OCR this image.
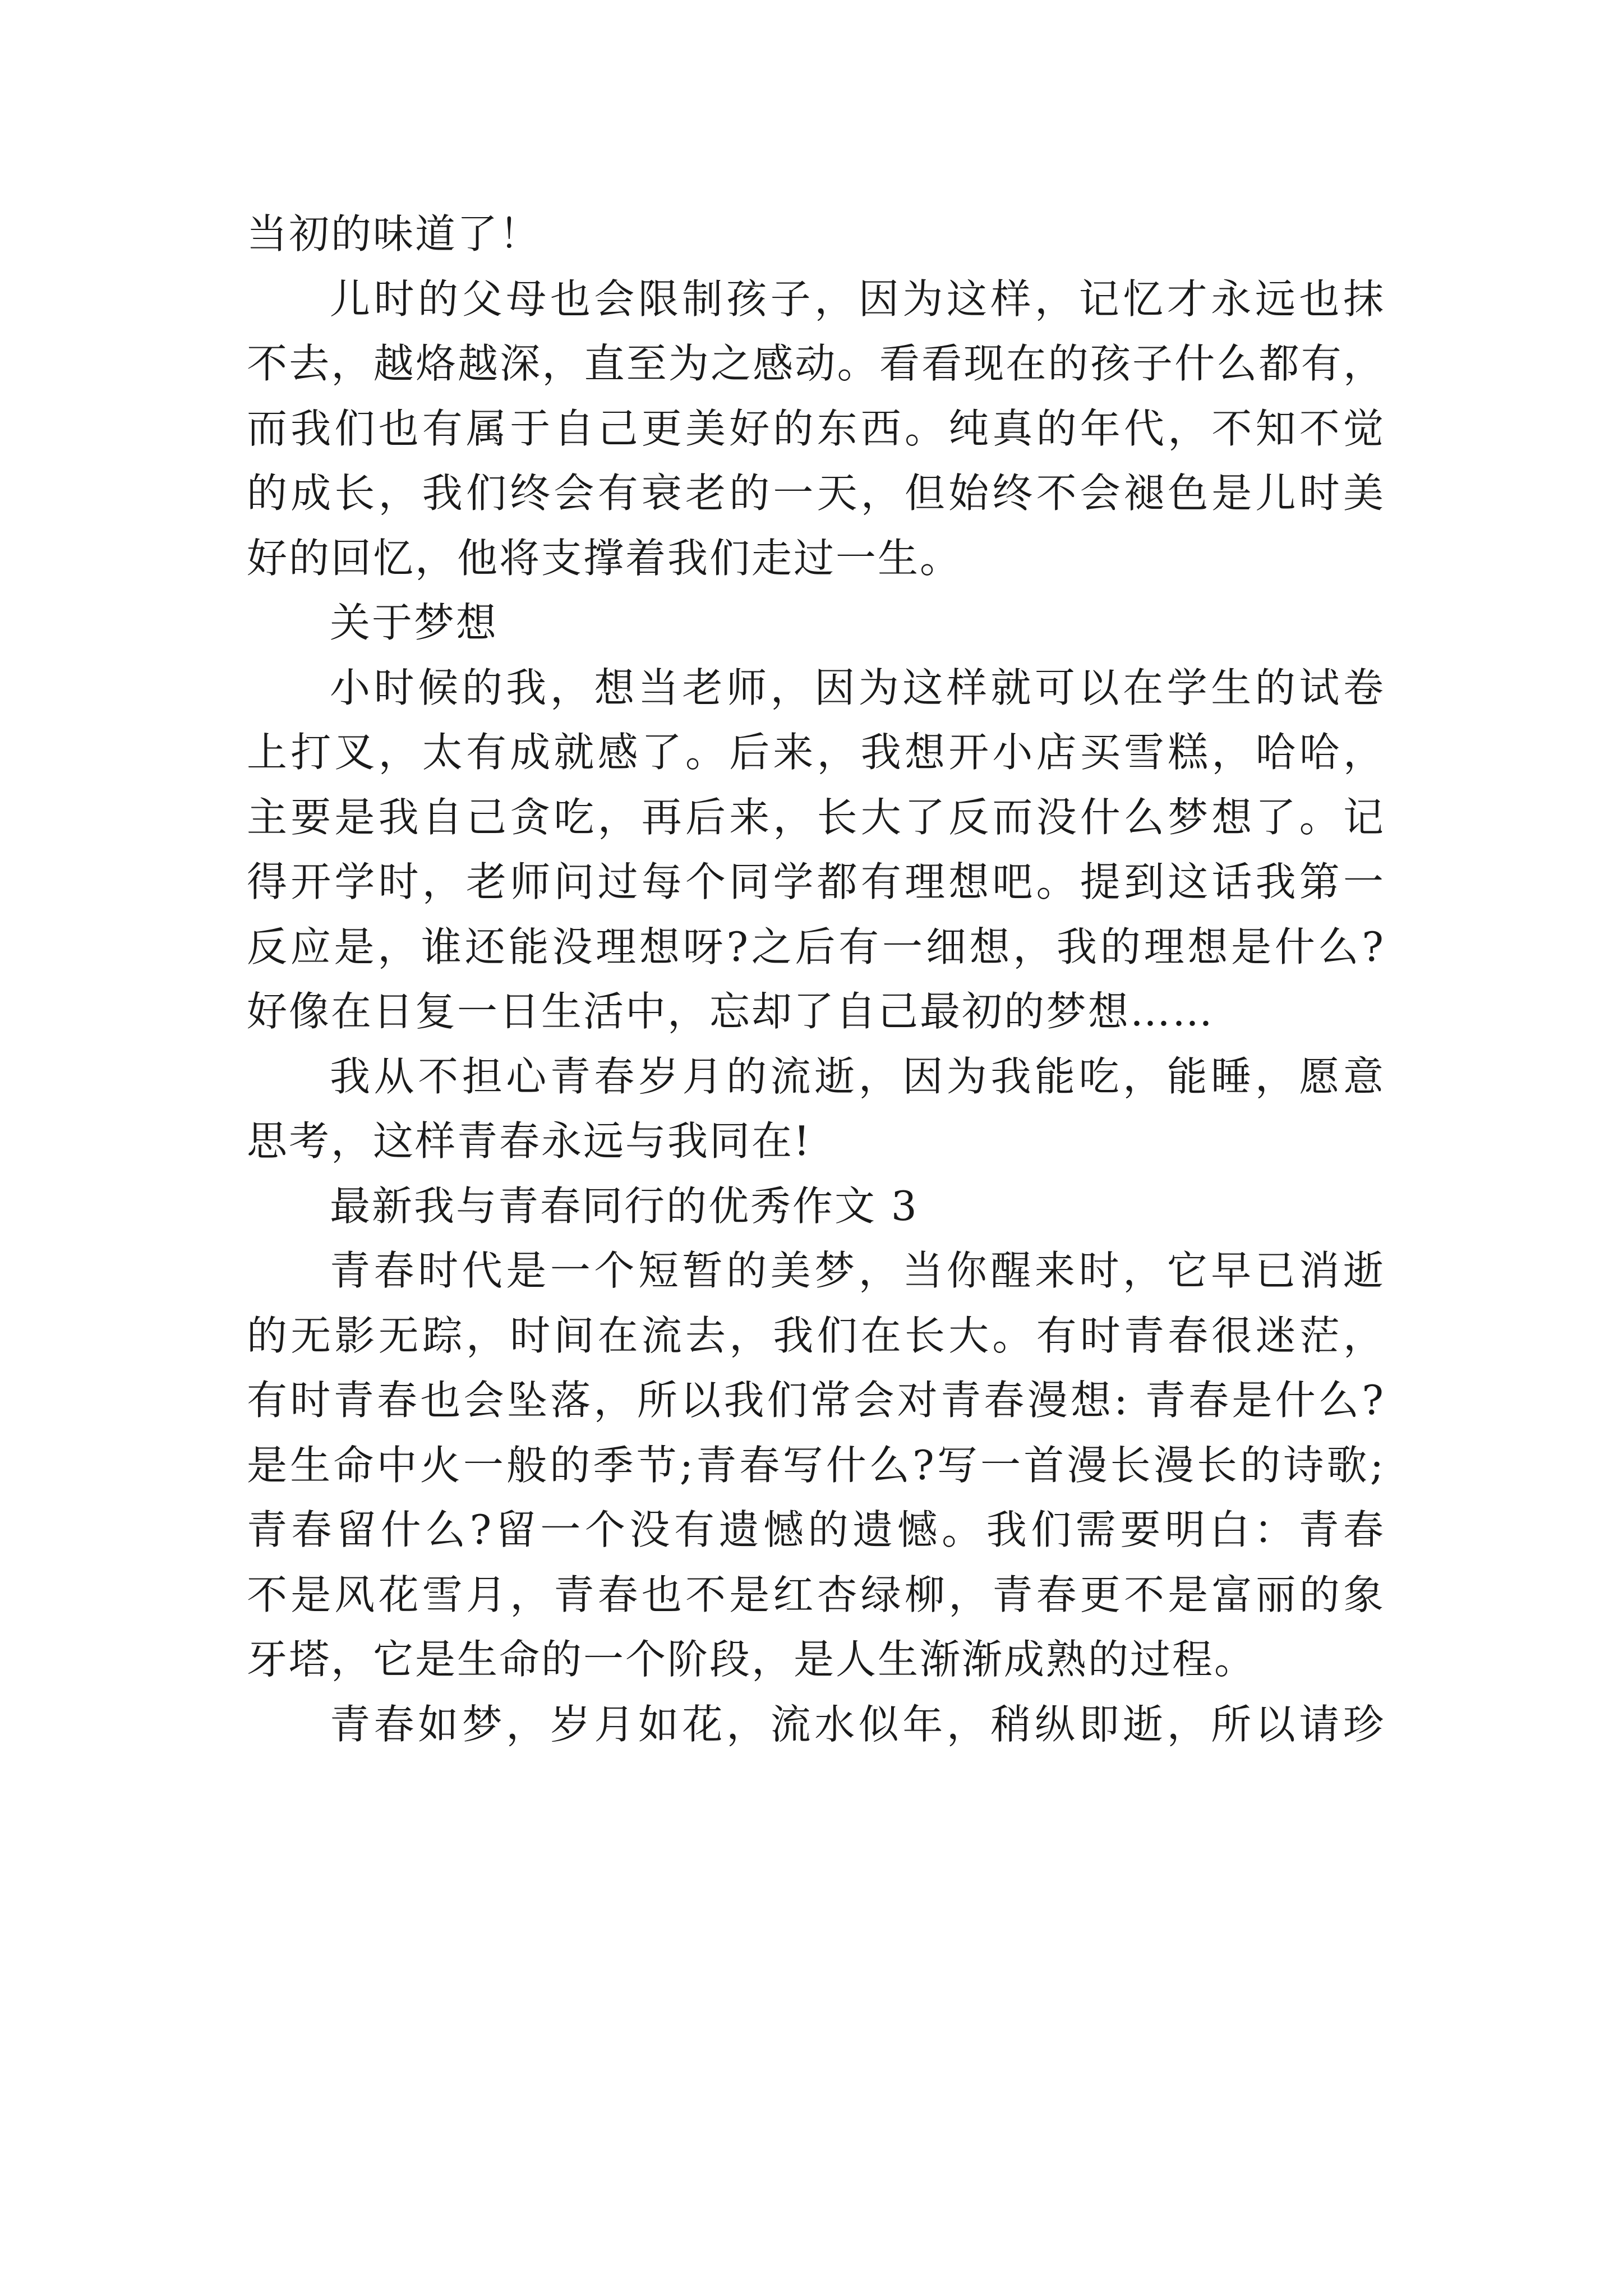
当初的味道了！
儿时的父母也会限制孩子，因为这样，记忆才永远也抹
不去，越烙越深，直至为之感动。看看现在的孩子什么都有，
而我们也有属于自己更美好的东西。纯真的年代，不知不觉
的成长，我们终会有衰老的一天，但始终不会褪色是儿时美
好的回忆，他将支撑着我们走过一生。
关于梦想
小时候的我，想当老师，因为这样就可以在学生的试卷
上打叉，太有成就感了。后来，我想开小店买雪糕，哈哈，
主要是我自己贪吃，再后来，长大了反而没什么梦想了。记
得开学时，老师问过每个同学都有理想吧。提到这话我第一
反应是，谁还能没理想呀?之后有一细想，我的理想是什么?
好像在日复一日生活中，忘却了自己最初的梦想……
我从不担心青春岁月的流逝，因为我能吃，能睡，愿意
思考，这样青春永远与我同在!
最新我与青春同行的优秀作文 3
青春时代是一个短暂的美梦，当你醒来时，它早已消逝
的无影无踪，时间在流去，我们在长大。有时青春很迷茫，
有时青春也会坠落，所以我们常会对青春漫想: 青春是什么?
是生命中火一般的季节;青春写什么?写一首漫长漫长的诗歌;
青春留什么?留一个没有遗憾的遗憾。我们需要明白：青春
不是风花雪月，青春也不是红杏绿柳，青春更不是富丽的象
牙塔，它是生命的一个阶段，是人生渐渐成熟的过程。
青春如梦，岁月如花，流水似年，稍纵即逝，所以请珍
